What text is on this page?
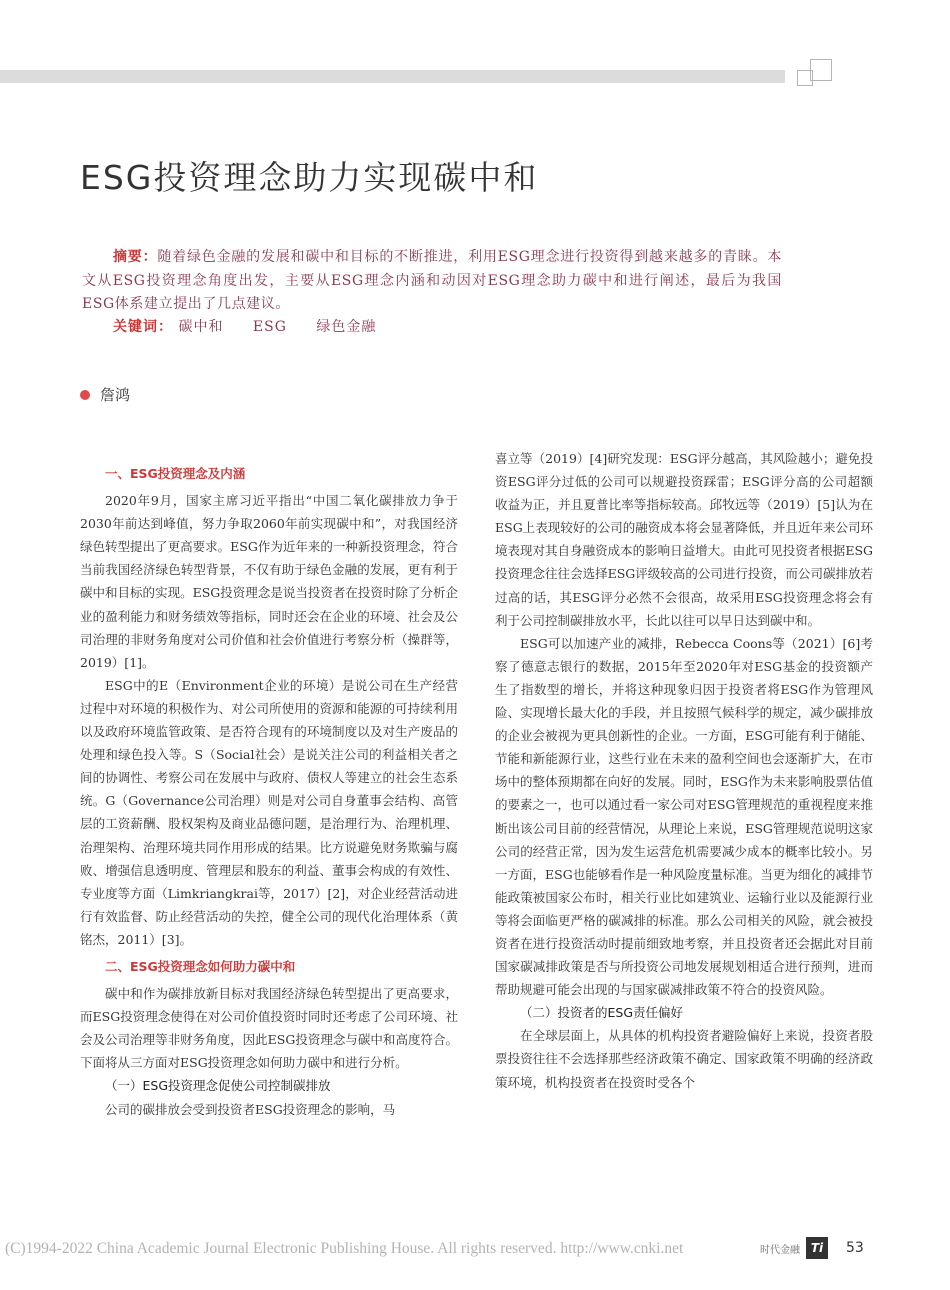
ESG投资理念助力实现碳中和

摘要：随着绿色金融的发展和碳中和目标的不断推进，利用ESG理念进行投资得到越来越多的青睐。本文从ESG投资理念角度出发，主要从ESG理念内涵和动因对ESG理念助力碳中和进行阐述，最后为我国ESG体系建立提出了几点建议。

关键词： 碳中和 ESG 绿色金融

詹鸿

一、ESG投资理念及内涵

2020年9月，国家主席习近平指出“中国二氧化碳排放力争于2030年前达到峰值，努力争取2060年前实现碳中和”，对我国经济绿色转型提出了更高要求。ESG作为近年来的一种新投资理念，符合当前我国经济绿色转型背景，不仅有助于绿色金融的发展，更有利于碳中和目标的实现。ESG投资理念是说当投资者在投资时除了分析企业的盈利能力和财务绩效等指标，同时还会在企业的环境、社会及公司治理的非财务角度对公司价值和社会价值进行考察分析（操群等，2019）[1]。

ESG中的E（Environment企业的环境）是说公司在生产经营过程中对环境的积极作为、对公司所使用的资源和能源的可持续利用以及政府环境监管政策、是否符合现有的环境制度以及对生产废品的处理和绿色投入等。S（Social社会）是说关注公司的利益相关者之间的协调性、考察公司在发展中与政府、债权人等建立的社会生态系统。G（Governance公司治理）则是对公司自身董事会结构、高管层的工资薪酬、股权架构及商业品德问题，是治理行为、治理机理、治理架构、治理环境共同作用形成的结果。比方说避免财务欺骗与腐败、增强信息透明度、管理层和股东的利益、董事会构成的有效性、专业度等方面（Limkriangkrai等，2017）[2]，对企业经营活动进行有效监督、防止经营活动的失控，健全公司的现代化治理体系（黄铭杰，2011）[3]。

二、ESG投资理念如何助力碳中和

碳中和作为碳排放新目标对我国经济绿色转型提出了更高要求，而ESG投资理念使得在对公司价值投资时同时还考虑了公司环境、社会及公司治理等非财务角度，因此ESG投资理念与碳中和高度符合。下面将从三方面对ESG投资理念如何助力碳中和进行分析。

（一）ESG投资理念促使公司控制碳排放

公司的碳排放会受到投资者ESG投资理念的影响，马

喜立等（2019）[4]研究发现：ESG评分越高，其风险越小；避免投资ESG评分过低的公司可以规避投资踩雷；ESG评分高的公司超额收益为正，并且夏普比率等指标较高。邱牧远等（2019）[5]认为在ESG上表现较好的公司的融资成本将会显著降低，并且近年来公司环境表现对其自身融资成本的影响日益增大。由此可见投资者根据ESG投资理念往往会选择ESG评级较高的公司进行投资，而公司碳排放若过高的话，其ESG评分必然不会很高，故采用ESG投资理念将会有利于公司控制碳排放水平，长此以往可以早日达到碳中和。

ESG可以加速产业的减排，Rebecca Coons等（2021）[6]考察了德意志银行的数据，2015年至2020年对ESG基金的投资额产生了指数型的增长，并将这种现象归因于投资者将ESG作为管理风险、实现增长最大化的手段，并且按照气候科学的规定，减少碳排放的企业会被视为更具创新性的企业。一方面，ESG可能有利于储能、节能和新能源行业，这些行业在未来的盈利空间也会逐渐扩大，在市场中的整体预期都在向好的发展。同时，ESG作为未来影响股票估值的要素之一，也可以通过看一家公司对ESG管理规范的重视程度来推断出该公司目前的经营情况，从理论上来说，ESG管理规范说明这家公司的经营正常，因为发生运营危机需要减少成本的概率比较小。另一方面，ESG也能够看作是一种风险度量标准。当更为细化的减排节能政策被国家公布时，相关行业比如建筑业、运输行业以及能源行业等将会面临更严格的碳减排的标准。那么公司相关的风险，就会被投资者在进行投资活动时提前细致地考察，并且投资者还会据此对目前国家碳减排政策是否与所投资公司地发展规划相适合进行预判，进而帮助规避可能会出现的与国家碳减排政策不符合的投资风险。

（二）投资者的ESG责任偏好

在全球层面上，从具体的机构投资者避险偏好上来说，投资者股票投资往往不会选择那些经济政策不确定、国家政策不明确的经济政策环境，机构投资者在投资时受各个

(C)1994-2022 China Academic Journal Electronic Publishing House. All rights reserved. http://www.cnki.net	时代金融 Ti	53
